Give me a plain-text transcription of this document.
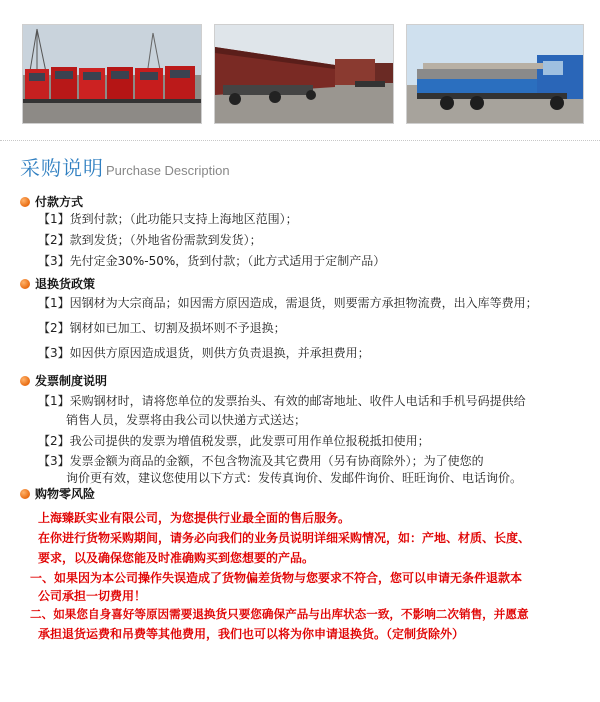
采购说明 Purchase Description
付款方式
【1】货到付款；（此功能只支持上海地区范围）；
【2】款到发货；（外地省份需款到发货）；
【3】先付定金30%-50%，货到付款；（此方式适用于定制产品）
退换货政策
【1】因钢材为大宗商品；如因需方原因造成，需退货，则要需方承担物流费，出入库等费用；
【2】钢材如已加工、切割及损坏则不予退换；
【3】如因供方原因造成退货，则供方负责退换，并承担费用；
发票制度说明
【1】采购钢材时，请将您单位的发票抬头、有效的邮寄地址、收件人电话和手机号码提供给
销售人员，发票将由我公司以快递方式送达；
【2】我公司提供的发票为增值税发票，此发票可用作单位报税抵扣使用；
【3】发票金额为商品的金额，不包含物流及其它费用（另有协商除外）；为了使您的
询价更有效，建议您使用以下方式：发传真询价、发邮件询价、旺旺询价、电话询价。
购物零风险
上海臻跃实业有限公司，为您提供行业最全面的售后服务。
在你进行货物采购期间，请务必向我们的业务员说明详细采购情况，如：产地、材质、长度、
要求，以及确保您能及时准确购买到您想要的产品。
一、如果因为本公司操作失误造成了货物偏差货物与您要求不符合，您可以申请无条件退款本
公司承担一切费用！
二、如果您自身喜好等原因需要退换货只要您确保产品与出库状态一致，不影响二次销售，并愿意
承担退货运费和吊费等其他费用，我们也可以将为你申请退换货。（定制货除外）
